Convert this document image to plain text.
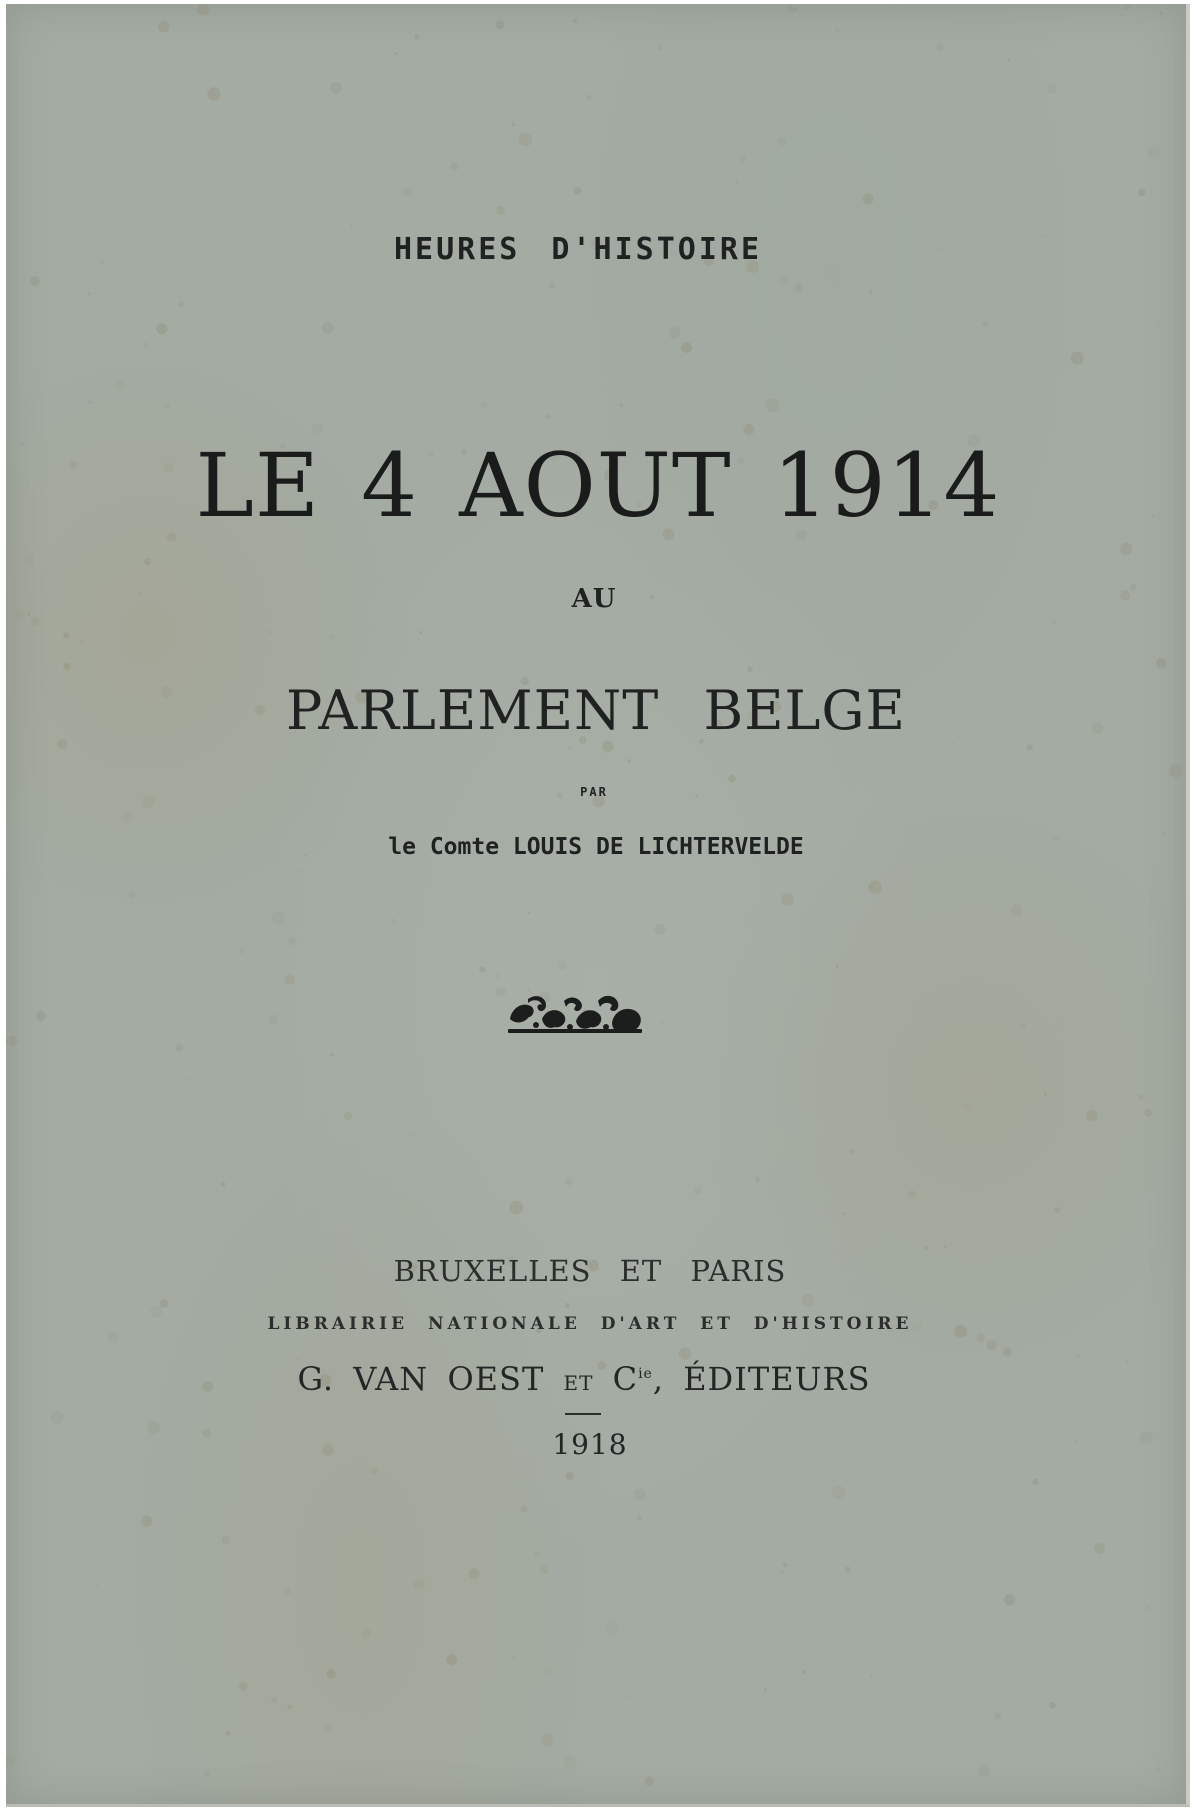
HEURES D'HISTOIRE
LE 4 AOUT 1914
AU
PARLEMENT BELGE
PAR
le Comte LOUIS DE LICHTERVELDE
BRUXELLES ET PARIS
LIBRAIRIE NATIONALE D'ART ET D'HISTOIRE
G. VAN OEST ET $C^{ie}$, ÉDITEURS
1918
